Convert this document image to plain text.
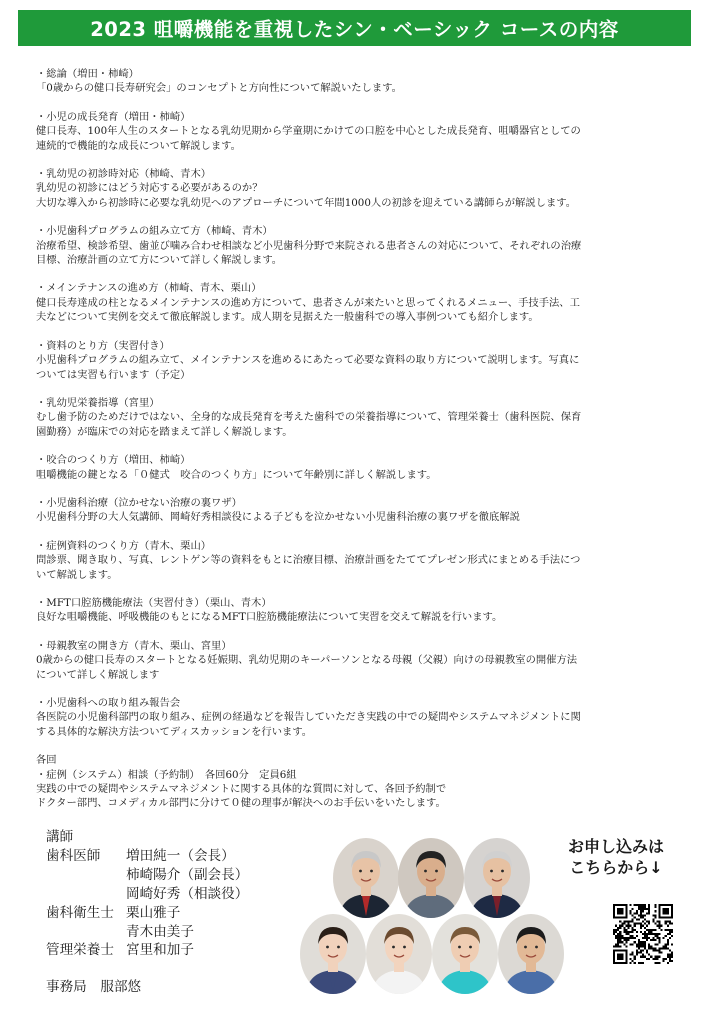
2023 咀嚼機能を重視したシン・ベーシック コースの内容

・総論（増田・柿崎）

「0歳からの健口長寿研究会」のコンセプトと方向性について解説いたします。

・小児の成長発育（増田・柿崎）

健口長寿、100年人生のスタートとなる乳幼児期から学童期にかけての口腔を中心とした成長発育、咀嚼器官としての

連続的で機能的な成長について解説します。

・乳幼児の初診時対応（柿崎、青木）

乳幼児の初診にはどう対応する必要があるのか？

大切な導入から初診時に必要な乳幼児へのアプローチについて年間1000人の初診を迎えている講師らが解説します。

・小児歯科プログラムの組み立て方（柿崎、青木）

治療希望、検診希望、歯並び噛み合わせ相談など小児歯科分野で来院される患者さんの対応について、それぞれの治療

目標、治療計画の立て方について詳しく解説します。

・メインテナンスの進め方（柿崎、青木、栗山）

健口長寿達成の柱となるメインテナンスの進め方について、患者さんが来たいと思ってくれるメニュー、手技手法、工

夫などについて実例を交えて徹底解説します。成人期を見据えた一般歯科での導入事例ついても紹介します。

・資料のとり方（実習付き）

小児歯科プログラムの組み立て、メインテナンスを進めるにあたって必要な資料の取り方について説明します。写真に

ついては実習も行います（予定）

・乳幼児栄養指導（宮里）

むし歯予防のためだけではない、全身的な成長発育を考えた歯科での栄養指導について、管理栄養士（歯科医院、保育

園勤務）が臨床での対応を踏まえて詳しく解説します。

・咬合のつくり方（増田、柿崎）

咀嚼機能の鍵となる「０健式　咬合のつくり方」について年齢別に詳しく解説します。

・小児歯科治療（泣かせない治療の裏ワザ）

小児歯科分野の大人気講師、岡崎好秀相談役による子どもを泣かせない小児歯科治療の裏ワザを徹底解説

・症例資料のつくり方（青木、栗山）

問診票、聞き取り、写真、レントゲン等の資料をもとに治療目標、治療計画をたててプレゼン形式にまとめる手法につ

いて解説します。

・MFT口腔筋機能療法（実習付き）（栗山、青木）

良好な咀嚼機能、呼吸機能のもとになるMFT口腔筋機能療法について実習を交えて解説を行います。

・母親教室の開き方（青木、栗山、宮里）

0歳からの健口長寿のスタートとなる妊娠期、乳幼児期のキーパーソンとなる母親（父親）向けの母親教室の開催方法

について詳しく解説します

・小児歯科への取り組み報告会

各医院の小児歯科部門の取り組み、症例の経過などを報告していただき実践の中での疑問やシステムマネジメントに関

する具体的な解決方法ついてディスカッションを行います。

各回

・症例（システム）相談（予約制）　各回60分　定員6組

実践の中での疑問やシステムマネジメントに関する具体的な質問に対して、各回予約制で

ドクター部門、コメディカル部門に分けて０健の理事が解決へのお手伝いをいたします。

講師
歯科医師	増田純一（会長）
柿崎陽介（副会長）
岡崎好秀（相談役）
歯科衛生士 栗山雅子
青木由美子
管理栄養士 宮里和加子
事務局　服部悠
お申し込みは
こちらから↓
